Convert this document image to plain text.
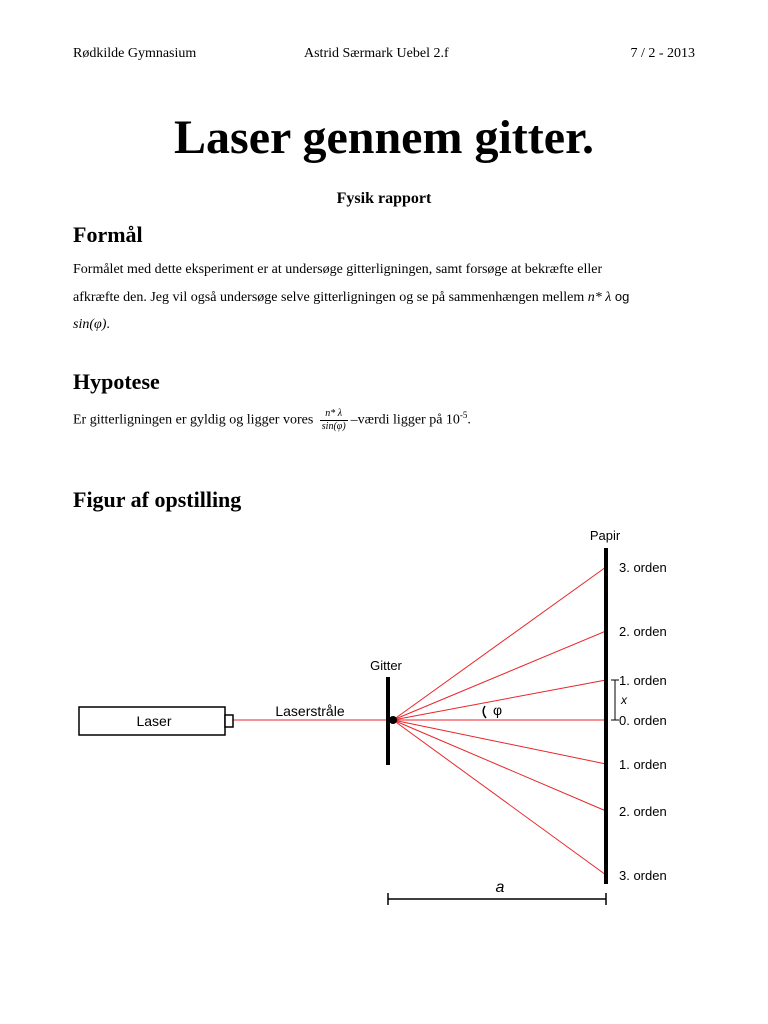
Rødkilde Gymnasium	Astrid Særmark Uebel 2.f	7 / 2 - 2013
Laser gennem gitter.
Fysik rapport
Formål
Formålet med dette eksperiment er at undersøge gitterligningen, samt forsøge at bekræfte eller
afkræfte den. Jeg vil også undersøge selve gitterligningen og se på sammenhængen mellem n* λ og
sin(φ).
Hypotese
Er gitterligningen er gyldig og ligger vores $\frac{n* \lambda}{\sin(\varphi)}$ –værdi ligger på $10^{-5}$.
Figur af opstilling
Laser
Laserstråle
Gitter
Papir
3. orden
2. orden
1. orden
0. orden
1. orden
2. orden
3. orden
φ
x
a
